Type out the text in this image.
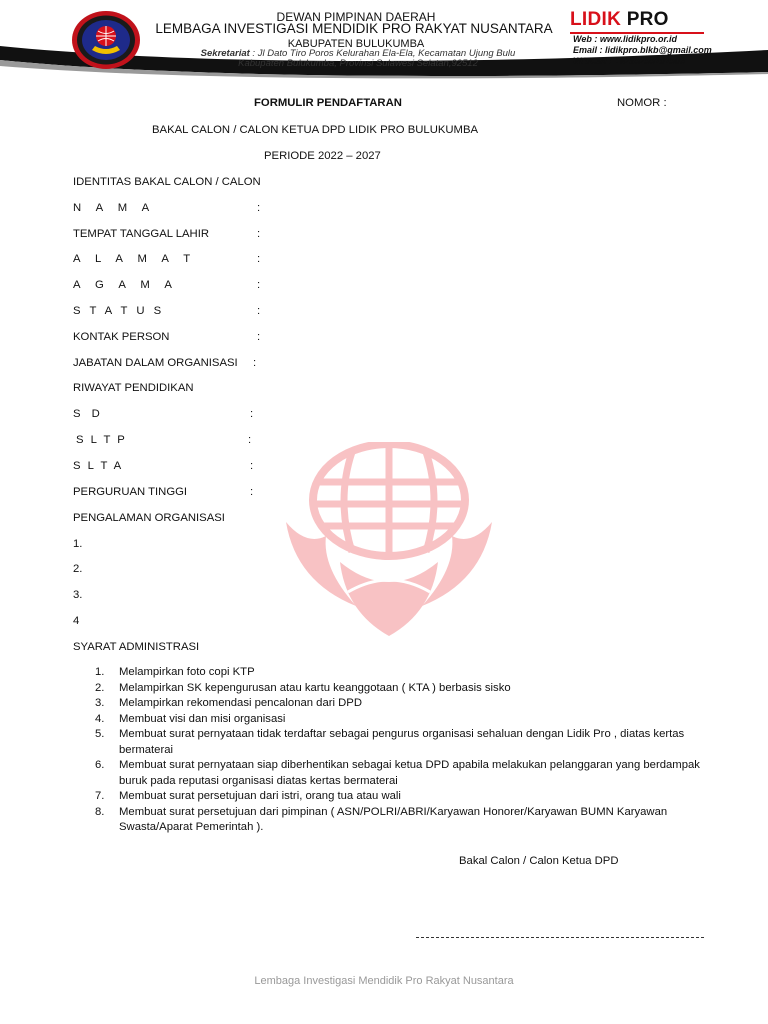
DEWAN PIMPINAN DAERAH
LEMBAGA INVESTIGASI MENDIDIK PRO RAKYAT NUSANTARA
KABUPATEN BULUKUMBA
Sekretariat : Jl Dato Tiro Poros Kelurahan Ela-Ela, Kecamatan Ujung Bulu
Kabupaten Bulukumba, Provinsi Sulawesi Selatan,92512
LIDIK PRO
Web : www.lidikpro.or.id
Email : lidikpro.blkb@gmail.com
WA/Call : +6285255101509
FORMULIR PENDAFTARAN	NOMOR :
BAKAL CALON / CALON KETUA DPD LIDIK PRO BULUKUMBA
PERIODE 2022 – 2027
IDENTITAS BAKAL CALON / CALON
N A M A	:
TEMPAT TANGGAL LAHIR	:
A L A M A T	:
A G A M A	:
S T A T U S	:
KONTAK PERSON	:
JABATAN DALAM ORGANISASI :
RIWAYAT PENDIDIKAN
S D	:
S L T P	:
S L T A	:
PERGURUAN TINGGI	:
PENGALAMAN ORGANISASI
1.
2.
3.
4
SYARAT ADMINISTRASI
1.	Melampirkan foto copi KTP
2.	Melampirkan SK kepengurusan atau kartu keanggotaan ( KTA ) berbasis sisko
3.	Melampirkan rekomendasi pencalonan dari DPD
4.	Membuat visi dan misi organisasi
5.	Membuat surat pernyataan tidak terdaftar sebagai pengurus organisasi sehaluan dengan Lidik Pro , diatas kertas bermaterai
6.	Membuat surat pernyataan siap diberhentikan sebagai ketua DPD apabila melakukan pelanggaran yang berdampak buruk pada reputasi organisasi diatas kertas bermaterai
7.	Membuat surat persetujuan dari istri, orang tua atau wali
8.	Membuat surat persetujuan dari pimpinan ( ASN/POLRI/ABRI/Karyawan Honorer/Karyawan BUMN Karyawan Swasta/Aparat Pemerintah ).
Bakal Calon / Calon Ketua DPD
Lembaga Investigasi Mendidik Pro Rakyat Nusantara
